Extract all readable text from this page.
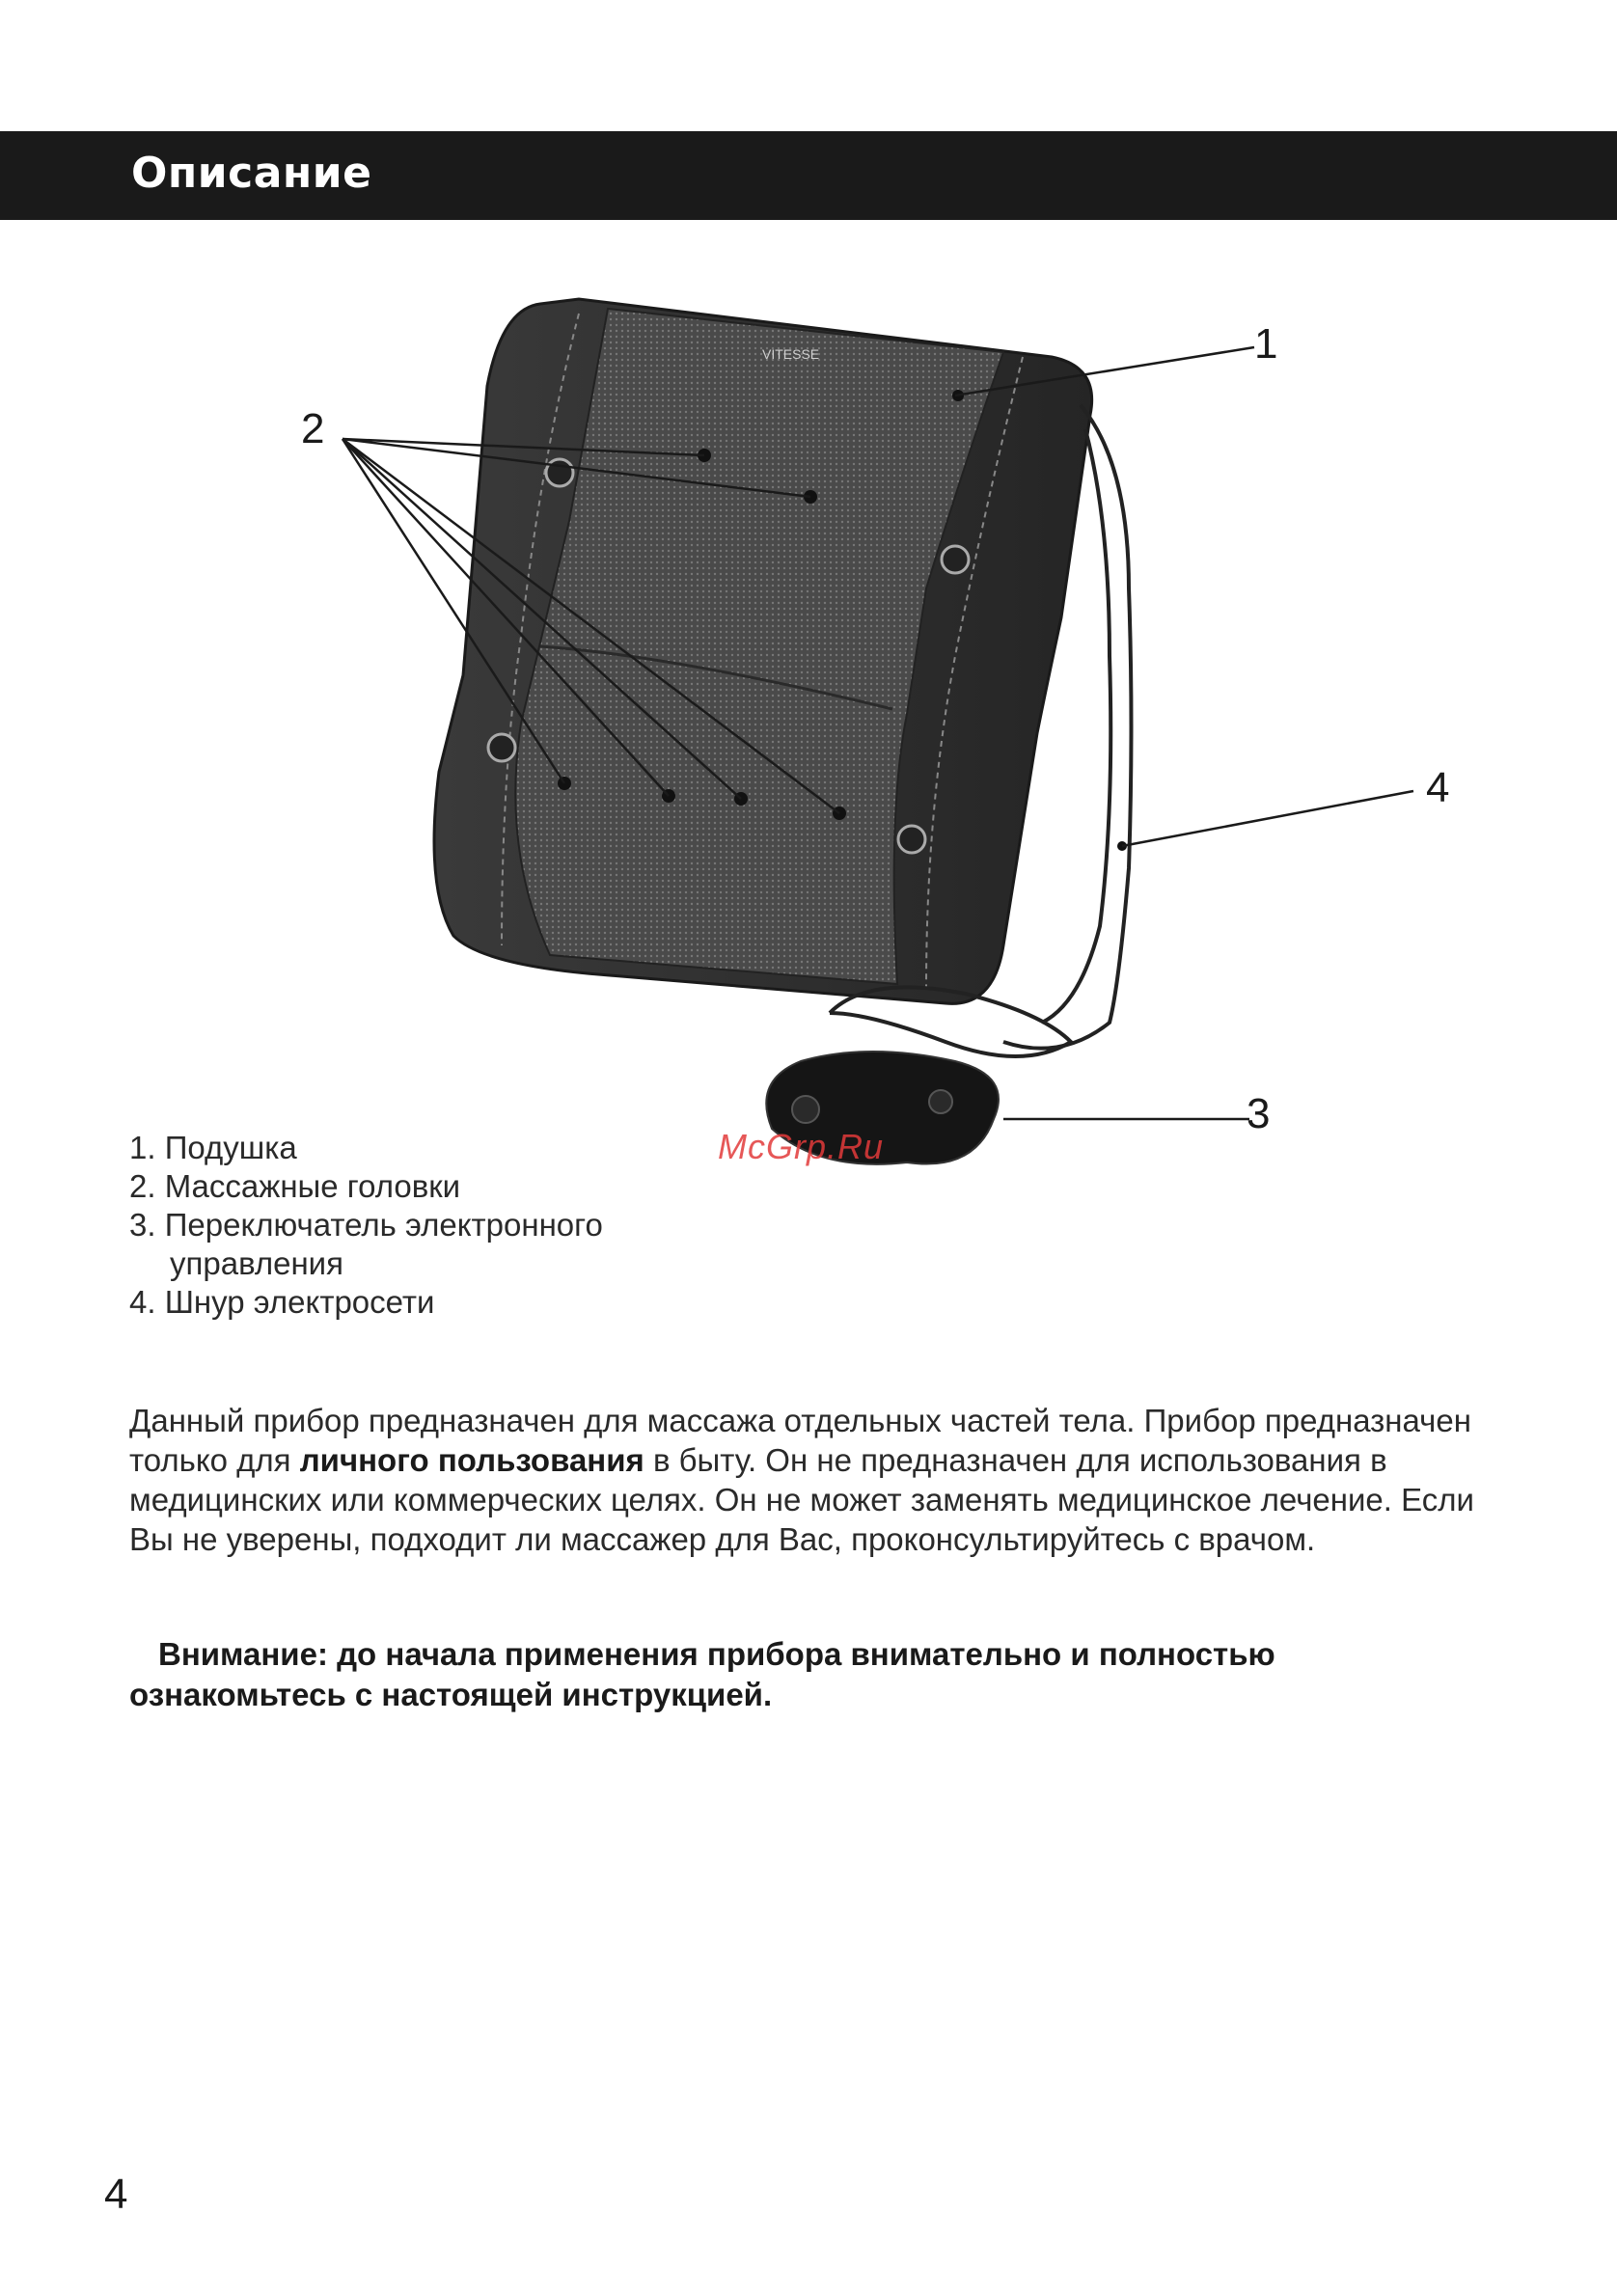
Описание
VITESSE	1
2
3
4
1. Подушка
2. Массажные головки
3. Переключатель электронного
управления
4. Шнур электросети
McGrp.Ru

Данный прибор предназначен для массажа отдельных частей тела. Прибор предназначен только для личного пользования в быту. Он не предназначен для использования в медицинских или коммерческих целях. Он не может заменять медицинское лечение. Если Вы не уверены, подходит ли массажер для Вас, проконсультируйтесь с врачом.

Внимание: до начала применения прибора внимательно и полностью ознакомьтесь с настоящей инструкцией.

4
